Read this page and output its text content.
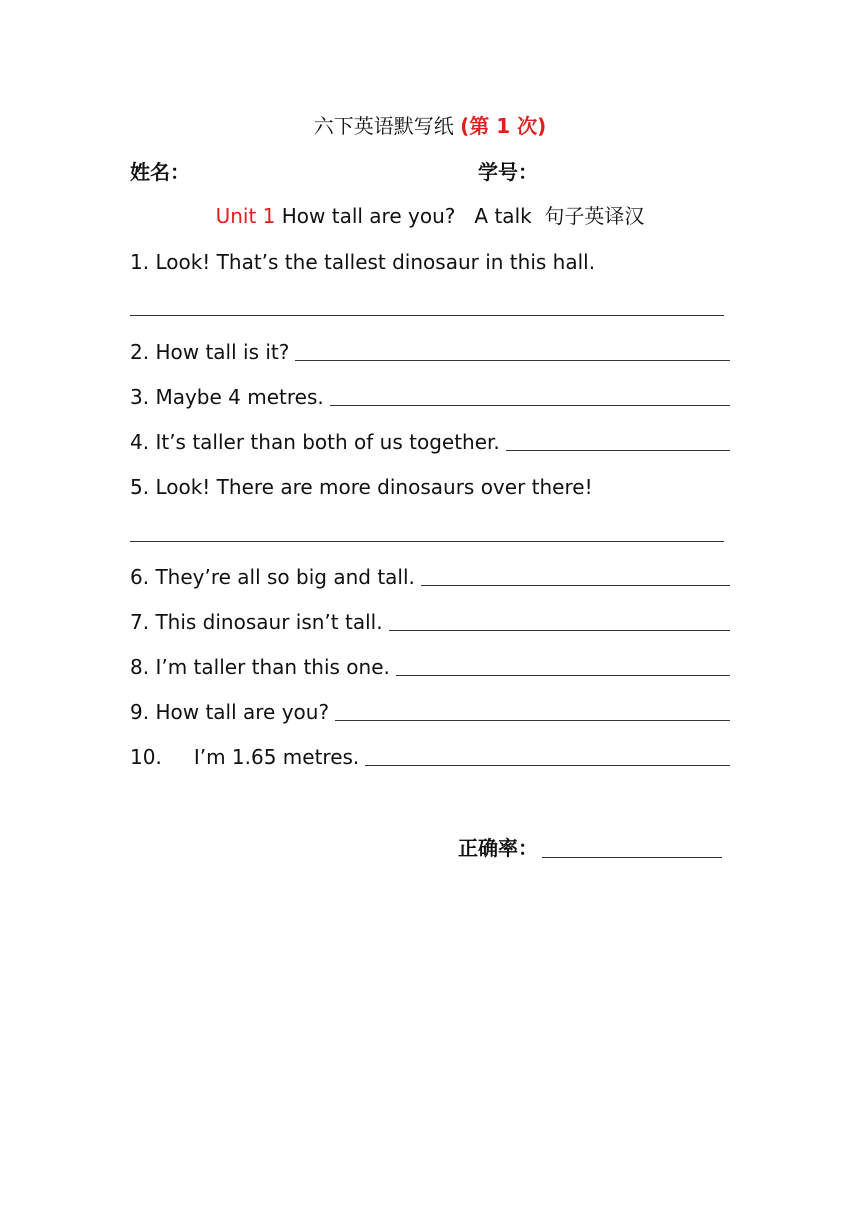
六下英语默写纸 (第 1 次)
姓名：	学号：
Unit 1 How tall are you?   A talk  句子英译汉
1.
Look! That’s the tallest dinosaur in this hall.
2.
How tall is it?
3.
Maybe 4 metres.
4.
It’s taller than both of us together.
5.
Look! There are more dinosaurs over there!
6.
They’re all so big and tall.
7.
This dinosaur isn’t tall.
8.
I’m taller than this one.
9.
How tall are you?
10. I’m 1.65 metres.
正确率：
